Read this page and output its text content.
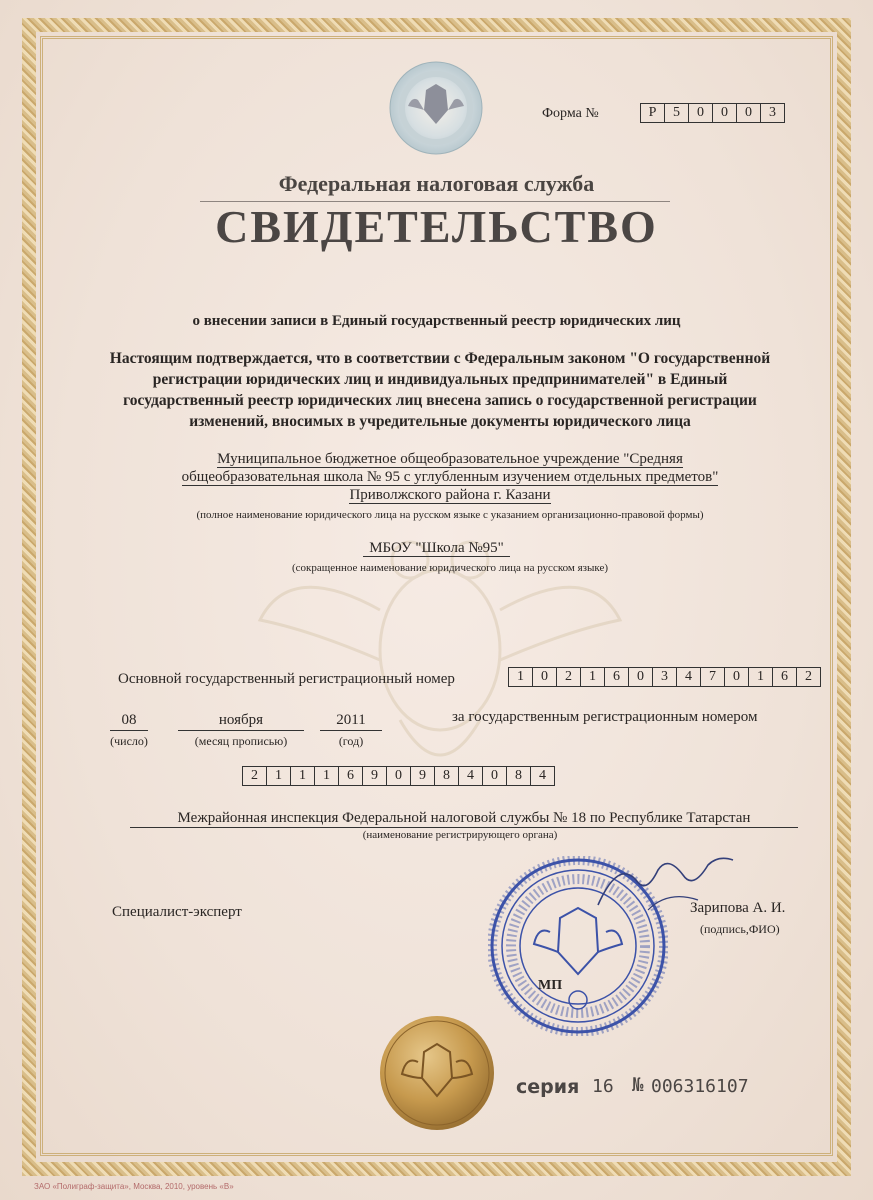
Форма №	Р	5	0	0	0	3
Федеральная налоговая служба
СВИДЕТЕЛЬСТВО
о внесении записи в Единый государственный реестр юридических лиц
Настоящим подтверждается, что в соответствии с Федеральным законом "О государственной регистрации юридических лиц и индивидуальных предпринимателей" в Единый государственный реестр юридических лиц внесена запись о государственной регистрации изменений, вносимых в учредительные документы юридического лица
Муниципальное бюджетное общеобразовательное учреждение "Средняя
общеобразовательная школа № 95 с углубленным изучением отдельных предметов"
Приволжского района г. Казани
(полное наименование юридического лица на русском языке с указанием организационно-правовой формы)
МБОУ "Школа №95"
(сокращенное наименование юридического лица на русском языке)
Основной государственный регистрационный номер	1	0	2	1	6	0	3	4	7	0	1	6	2
08	ноября	2011
(число)	(месяц прописью)	(год)
за государственным регистрационным номером
2	1	1	1	6	9	0	9	8	4	0	8	4
Межрайонная инспекция Федеральной налоговой службы № 18 по Республике Татарстан
(наименование регистрирующего органа)
Специалист-эксперт	Зарипова А. И.
(подпись,ФИО)
МП
серия 16 № 006316107
ЗАО «Полиграф-защита», Москва, 2010, уровень «В»
